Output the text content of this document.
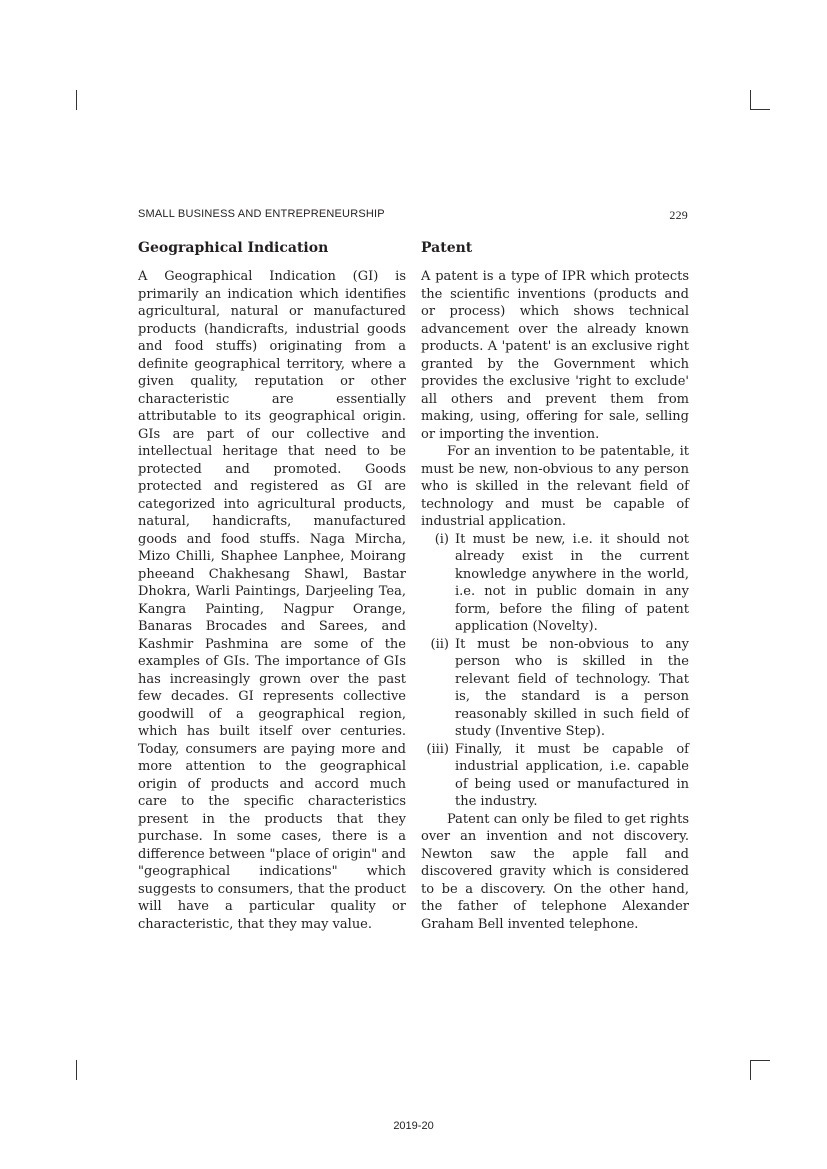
SMALL BUSINESS AND ENTREPRENEURSHIP	229
Geographical Indication

A Geographical Indication (GI) is primarily an indication which identifies agricultural, natural or manufactured products (handicrafts, industrial goods and food stuffs) originating from a definite geographical territory, where a given quality, reputation or other characteristic are essentially attributable to its geographical origin. GIs are part of our collective and intellectual heritage that need to be protected and promoted. Goods protected and registered as GI are categorized into agricultural products, natural, handicrafts, manufactured goods and food stuffs. Naga Mircha, Mizo Chilli, Shaphee Lanphee, Moirang pheeand Chakhesang Shawl, Bastar Dhokra, Warli Paintings, Darjeeling Tea, Kangra Painting, Nagpur Orange, Banaras Brocades and Sarees, and Kashmir Pashmina are some of the examples of GIs. The importance of GIs has increasingly grown over the past few decades. GI represents collective goodwill of a geographical region, which has built itself over centuries. Today, consumers are paying more and more attention to the geographical origin of products and accord much care to the specific characteristics present in the products that they purchase. In some cases, there is a difference between "place of origin" and "geographical indications" which suggests to consumers, that the product will have a particular quality or characteristic, that they may value.

Patent

A patent is a type of IPR which protects the scientific inventions (products and or process) which shows technical advancement over the already known products. A 'patent' is an exclusive right granted by the Government which provides the exclusive 'right to exclude' all others and prevent them from making, using, offering for sale, selling or importing the invention.

For an invention to be patentable, it must be new, non-obvious to any person who is skilled in the relevant field of technology and must be capable of industrial application.

(i) It must be new, i.e. it should not already exist in the current knowledge anywhere in the world, i.e. not in public domain in any form, before the filing of patent application (Novelty).
(ii) It must be non-obvious to any person who is skilled in the relevant field of technology. That is, the standard is a person reasonably skilled in such field of study (Inventive Step).
(iii) Finally, it must be capable of industrial application, i.e. capable of being used or manufactured in the industry.

Patent can only be filed to get rights over an invention and not discovery. Newton saw the apple fall and discovered gravity which is considered to be a discovery. On the other hand, the father of telephone Alexander Graham Bell invented telephone.

2019-20
